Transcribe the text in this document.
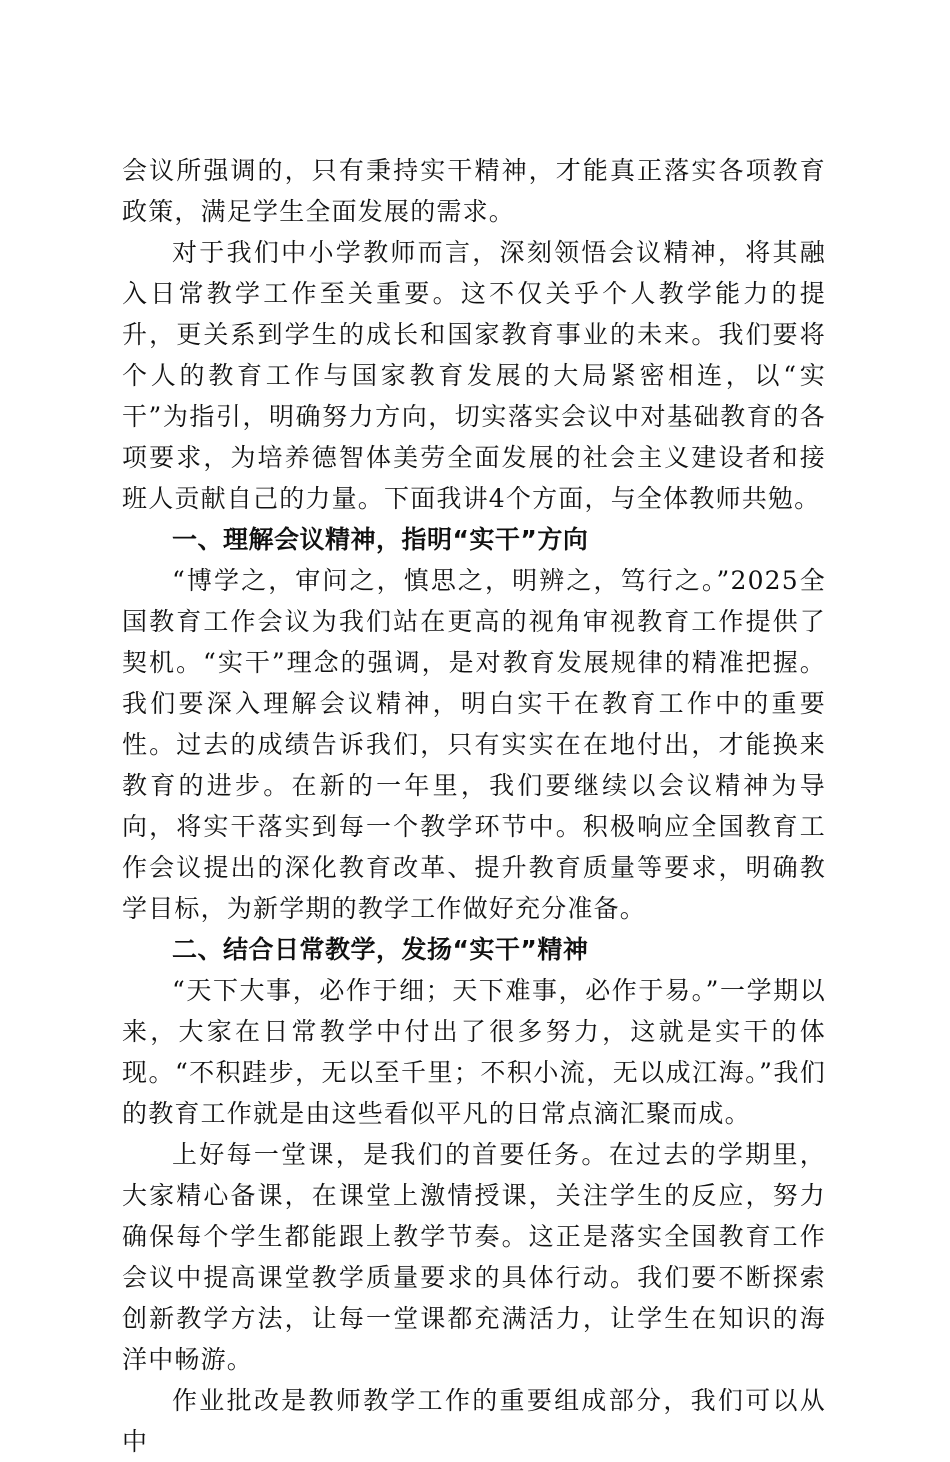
会议所强调的，只有秉持实干精神，才能真正落实各项教育政策，满足学生全面发展的需求。

对于我们中小学教师而言，深刻领悟会议精神，将其融入日常教学工作至关重要。这不仅关乎个人教学能力的提升，更关系到学生的成长和国家教育事业的未来。我们要将个人的教育工作与国家教育发展的大局紧密相连，以“实干”为指引，明确努力方向，切实落实会议中对基础教育的各项要求，为培养德智体美劳全面发展的社会主义建设者和接班人贡献自己的力量。下面我讲4个方面，与全体教师共勉。

一、理解会议精神，指明“实干”方向

“博学之，审问之，慎思之，明辨之，笃行之。”2025全国教育工作会议为我们站在更高的视角审视教育工作提供了契机。“实干”理念的强调，是对教育发展规律的精准把握。我们要深入理解会议精神，明白实干在教育工作中的重要性。过去的成绩告诉我们，只有实实在在地付出，才能换来教育的进步。在新的一年里，我们要继续以会议精神为导向，将实干落实到每一个教学环节中。积极响应全国教育工作会议提出的深化教育改革、提升教育质量等要求，明确教学目标，为新学期的教学工作做好充分准备。

二、结合日常教学，发扬“实干”精神

“天下大事，必作于细；天下难事，必作于易。”一学期以来，大家在日常教学中付出了很多努力，这就是实干的体现。“不积跬步，无以至千里；不积小流，无以成江海。”我们的教育工作就是由这些看似平凡的日常点滴汇聚而成。

上好每一堂课，是我们的首要任务。在过去的学期里，大家精心备课，在课堂上激情授课，关注学生的反应，努力确保每个学生都能跟上教学节奏。这正是落实全国教育工作会议中提高课堂教学质量要求的具体行动。我们要不断探索创新教学方法，让每一堂课都充满活力，让学生在知识的海洋中畅游。

作业批改是教师教学工作的重要组成部分，我们可以从中
